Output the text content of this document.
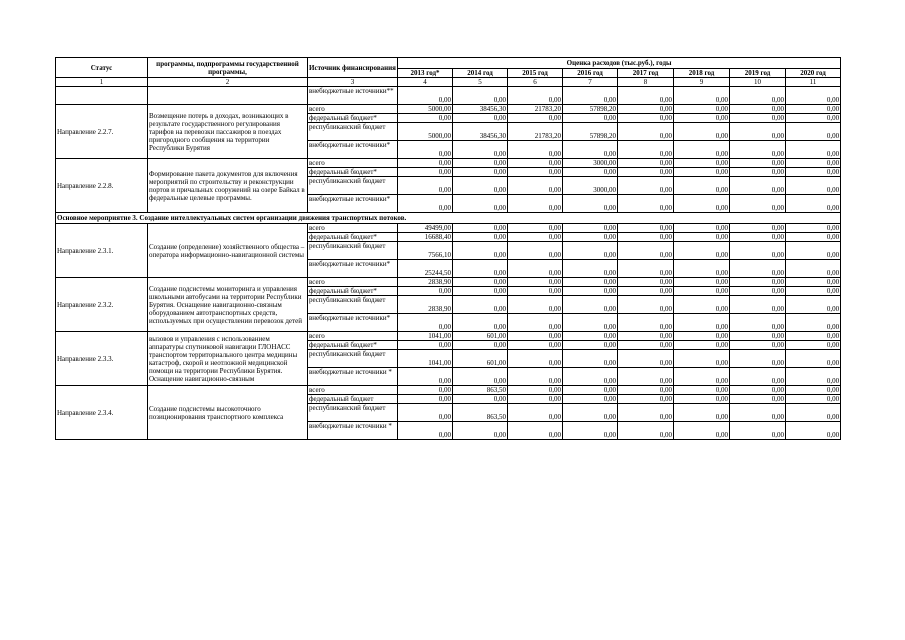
Статус	программы, подпрограммы государственной программы,	Источник финансирования	Оценка расходов (тыс.руб.), годы							
			2013 год*	2014 год	2015 год	2016 год	2017 год	2018 год	2019 год	2020 год
1	2	3	4	5	6	7	8	9	10	11
		внебюджетные источники**	0,00	0,00	0,00	0,00	0,00	0,00	0,00	0,00
Направление 2.2.7.	Возмещение потерь в доходах, возникающих в результате государственного регулирования тарифов на перевозки пассажиров в поездах пригородного сообщения на территории Республики Бурятия	всего	5000,00	38456,30	21783,20	57898,20	0,00	0,00	0,00	0,00
		федеральный бюджет*	0,00	0,00	0,00	0,00	0,00	0,00	0,00	0,00
		республиканский бюджет	5000,00	38456,30	21783,20	57898,20	0,00	0,00	0,00	0,00
		внебюджетные источники*	0,00	0,00	0,00	0,00	0,00	0,00	0,00	0,00
Направление 2.2.8.	Формирование пакета документов для включения мероприятий по строительству и реконструкции портов и причальных сооружений на озере Байкал в федеральные целевые программы.	всего	0,00	0,00	0,00	3000,00	0,00	0,00	0,00	0,00
		федеральный бюджет*	0,00	0,00	0,00	0,00	0,00	0,00	0,00	0,00
		республиканский бюджет	0,00	0,00	0,00	3000,00	0,00	0,00	0,00	0,00
		внебюджетные источники*	0,00	0,00	0,00	0,00	0,00	0,00	0,00	0,00
Основное мероприятие 3. Создание интеллектуальных систем организации движения транспортных потоков.										
Направление 2.3.1.	Создание (определение) хозяйственного общества – оператора информационно-навигационной системы	всего	49499,00	0,00	0,00	0,00	0,00	0,00	0,00	0,00
		федеральный бюджет*	16688,40	0,00	0,00	0,00	0,00	0,00	0,00	0,00
		республиканский бюджет	7566,10	0,00	0,00	0,00	0,00	0,00	0,00	0,00
		внебюджетные источники*	25244,50	0,00	0,00	0,00	0,00	0,00	0,00	0,00
Направление 2.3.2.	Создание подсистемы мониторинга и управления школьными автобусами на территории Республики Бурятия. Оснащение навигационно-связным оборудованием автотранспортных средств, используемых при осуществлении перевозок детей	всего	2838,90	0,00	0,00	0,00	0,00	0,00	0,00	0,00
		федеральный бюджет*	0,00	0,00	0,00	0,00	0,00	0,00	0,00	0,00
		республиканский бюджет	2838,90	0,00	0,00	0,00	0,00	0,00	0,00	0,00
		внебюджетные источники*	0,00	0,00	0,00	0,00	0,00	0,00	0,00	0,00
Направление 2.3.3.	вызовов и управления с использованием аппаратуры спутниковой навигации ГЛОНАСС транспортом территориального центра медицины катастроф, скорой и неотложной медицинской помощи на территории Республики Бурятия. Оснащение навигационно-связным	всего	1041,00	601,00	0,00	0,00	0,00	0,00	0,00	0,00
		федеральный бюджет*	0,00	0,00	0,00	0,00	0,00	0,00	0,00	0,00
		республиканский бюджет	1041,00	601,00	0,00	0,00	0,00	0,00	0,00	0,00
		внебюджетные источники *	0,00	0,00	0,00	0,00	0,00	0,00	0,00	0,00
Направление 2.3.4.	Создание подсистемы высокоточного позиционирования транспортного комплекса	всего	0,00	863,50	0,00	0,00	0,00	0,00	0,00	0,00
		федеральный бюджет	0,00	0,00	0,00	0,00	0,00	0,00	0,00	0,00
		республиканский бюджет	0,00	863,50	0,00	0,00	0,00	0,00	0,00	0,00
		внебюджетные источники *	0,00	0,00	0,00	0,00	0,00	0,00	0,00	0,00
